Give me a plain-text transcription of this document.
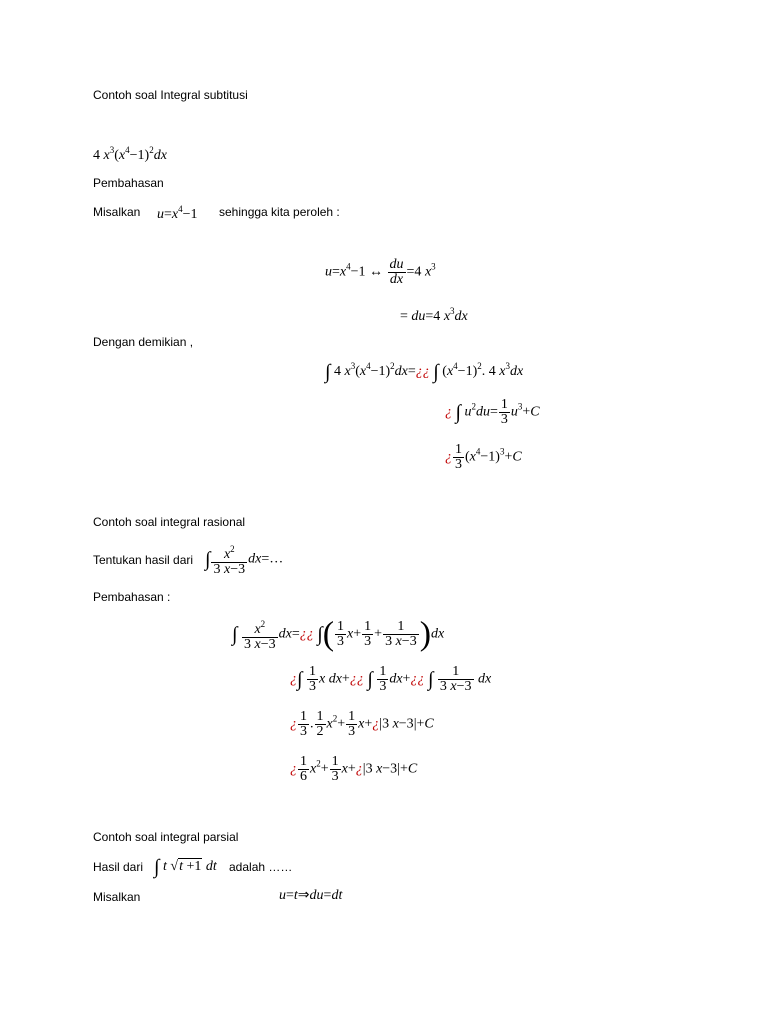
Contoh soal Integral subtitusi
4 $x^3(x^4-1)^2dx$
Pembahasan
Misalkan $u=x^4-1$ sehingga kita peroleh :
$u=x^4-1$ ↔ $\frac{du}{dx} =4$ $x^3$
= du=4 $x^3dx$
Dengan demikian ,
∫ 4 $x^3(x^4-1)^2dx=¿¿$ ∫ $(x^4-1)^2$. 4 $x^3dx$
¿ ∫ $u^2du= \frac{1}{3} u^3+C$
¿ $\frac{1}{3} (x^4-1)^3+C$
Contoh soal integral rasional
Tentukan hasil dari ∫ $\frac{x^2}{3 x-3}$ dx=…
Pembahasan :
∫ $\frac{x^2}{3 x-3}$ dx=¿¿ ∫( $\frac{1}{3} x+ \frac{1}{3} + \frac{1}{3 x-3} )dx$
¿∫ $\frac{1}{3}$ x dx+¿¿ ∫ $\frac{1}{3}$ dx+¿¿ ∫ $\frac{1}{3 x-3}$ dx
¿ $\frac{1}{3}$ . $\frac{1}{2} x^2+ \frac{1}{3}$ x+¿|3 x−3|+C
¿ $\frac{1}{6} x^2+ \frac{1}{3}$ x+¿|3 x−3|+C
Contoh soal integral parsial
Hasil dari ∫ t √t +1 dt adalah ……
Misalkan	u=t⇒du=dt
